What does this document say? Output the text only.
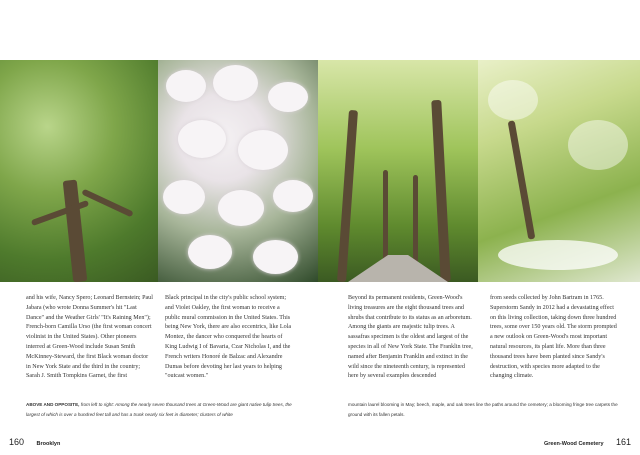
and his wife, Nancy Spero; Leonard Bernstein; Paul Jabara (who wrote Donna Summer's hit "Last Dance" and the Weather Girls' "It's Raining Men"); French-born Camilla Urso (the first woman concert violinist in the United States). Other pioneers interred at Green-Wood include Susan Smith McKinney-Steward, the first Black woman doctor in New York State and the third in the country; Sarah J. Smith Tompkins Garnet, the first
Black principal in the city's public school system; and Violet Oakley, the first woman to receive a public mural commission in the United States. This being New York, there are also eccentrics, like Lola Montez, the dancer who conquered the hearts of King Ludwig I of Bavaria, Czar Nicholas I, and the French writers Honoré de Balzac and Alexandre Dumas before devoting her last years to helping "outcast women."
Beyond its permanent residents, Green-Wood's living treasures are the eight thousand trees and shrubs that contribute to its status as an arboretum. Among the giants are majestic tulip trees. A sassafras specimen is the oldest and largest of the species in all of New York State. The Franklin tree, named after Benjamin Franklin and extinct in the wild since the nineteenth century, is represented here by several examples descended
from seeds collected by John Bartram in 1765. Superstorm Sandy in 2012 had a devastating effect on this living collection, taking down three hundred trees, some over 150 years old. The storm prompted a new outlook on Green-Wood's most important natural resources, its plant life. More than three thousand trees have been planted since Sandy's destruction, with species more adapted to the changing climate.
ABOVE AND OPPOSITE, from left to right: Among the nearly seven thousand trees at Green-Wood are giant native tulip trees, the largest of which is over a hundred feet tall and has a trunk nearly six feet in diameter; clusters of white
mountain laurel blooming in May; beech, maple, and oak trees line the paths around the cemetery; a blooming fringe tree carpets the ground with its fallen petals.
160 Brooklyn	Green-Wood Cemetery 161
